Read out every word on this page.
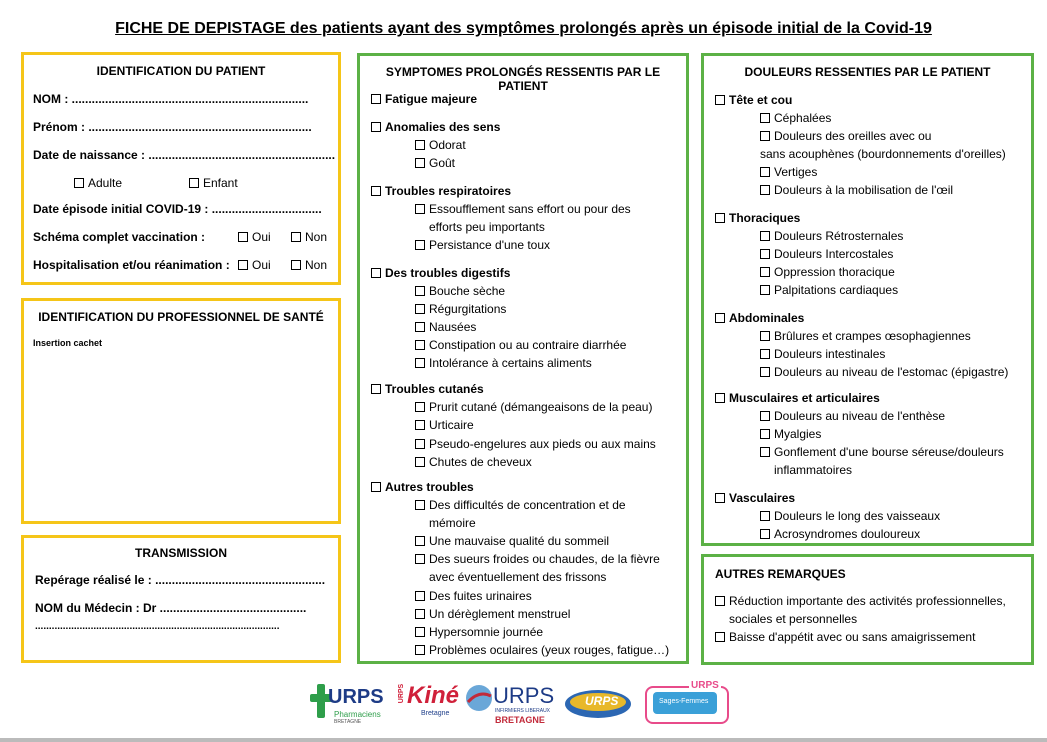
FICHE DE DEPISTAGE des patients ayant des symptômes prolongés après un épisode initial de la Covid-19
IDENTIFICATION DU PATIENT
NOM : .......................................................................
Prénom : ...................................................................
Date de naissance : ........................................................
Adulte	Enfant
Date épisode initial COVID-19 : .................................
Schéma complet vaccination :	Oui	Non
Hospitalisation et/ou réanimation :	Oui	Non
IDENTIFICATION DU PROFESSIONNEL DE SANTÉ
Insertion cachet
TRANSMISSION
Repérage réalisé le : ...................................................
NOM du Médecin : Dr ............................................
........................................................................................
SYMPTOMES PROLONGÉS RESSENTIS PAR LE PATIENT
Fatigue majeure
Anomalies des sens
Odorat
Goût
Troubles respiratoires
Essoufflement sans effort ou pour des
efforts peu importants
Persistance d'une toux
Des troubles digestifs
Bouche sèche
Régurgitations
Nausées
Constipation ou au contraire diarrhée
Intolérance à certains aliments
Troubles cutanés
Prurit cutané (démangeaisons de la peau)
Urticaire
Pseudo-engelures aux pieds ou aux mains
Chutes de cheveux
Autres troubles
Des difficultés de concentration et de
mémoire
Une mauvaise qualité du sommeil
Des sueurs froides ou chaudes, de la fièvre
avec éventuellement des frissons
Des fuites urinaires
Un dérèglement menstruel
Hypersomnie journée
Problèmes oculaires (yeux rouges, fatigue…)
DOULEURS RESSENTIES PAR LE PATIENT
Tête et cou
Céphalées
Douleurs des oreilles avec ou
sans acouphènes (bourdonnements d'oreilles)
Vertiges
Douleurs à la mobilisation de l'œil
Thoraciques
Douleurs Rétrosternales
Douleurs Intercostales
Oppression thoracique
Palpitations cardiaques
Abdominales
Brûlures et crampes œsophagiennes
Douleurs intestinales
Douleurs au niveau de l'estomac (épigastre)
Musculaires et articulaires
Douleurs au niveau de l'enthèse
Myalgies
Gonflement d'une bourse séreuse/douleurs
inflammatoires
Vasculaires
Douleurs le long des vaisseaux
Acrosyndromes douloureux
AUTRES REMARQUES
Réduction importante des activités professionnelles,
sociales et personnelles
Baisse d'appétit avec ou sans amaigrissement
URPS
Pharmaciens
BRETAGNE
URPS Kiné
Bretagne
URPS
INFIRMIERS LIBERAUX
BRETAGNE
URPS
URPS
Sages-Femmes
